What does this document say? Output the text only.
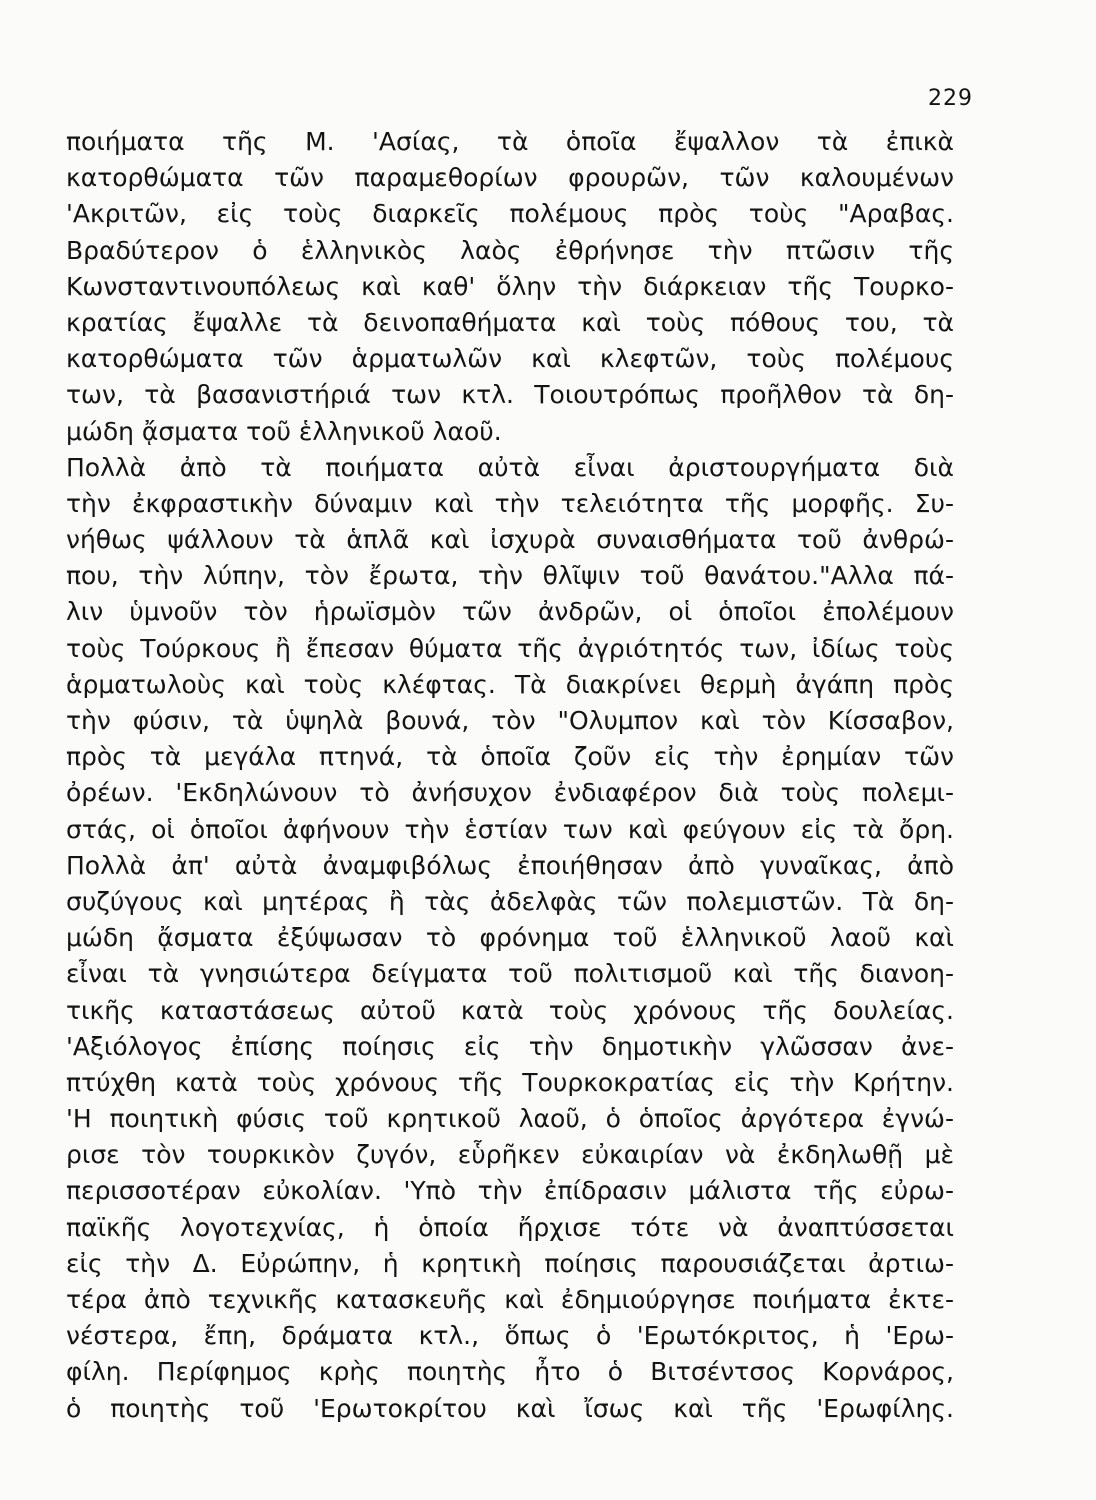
229
ποιήματα τῆς Μ. 'Ασίας, τὰ ὁποῖα ἔψαλλον τὰ ἐπικὰ
κατορθώματα τῶν παραμεθορίων φρουρῶν, τῶν καλουμένων
'Ακριτῶν, εἰς τοὺς διαρκεῖς πολέμους πρὸς τοὺς "Αραβας.
Βραδύτερον ὁ ἑλληνικὸς λαὸς ἐθρήνησε τὴν πτῶσιν τῆς
Κωνσταντινουπόλεως καὶ καθ' ὅλην τὴν διάρκειαν τῆς Τουρκο-
κρατίας ἔψαλλε τὰ δεινοπαθήματα καὶ τοὺς πόθους του, τὰ
κατορθώματα τῶν ἁρματωλῶν καὶ κλεφτῶν, τοὺς πολέμους
των, τὰ βασανιστήριά των κτλ. Τοιουτρόπως προῆλθον τὰ δη-
μώδη ᾄσματα τοῦ ἑλληνικοῦ λαοῦ.
Πολλὰ ἀπὸ τὰ ποιήματα αὐτὰ εἶναι ἀριστουργήματα διὰ
τὴν ἐκφραστικὴν δύναμιν καὶ τὴν τελειότητα τῆς μορφῆς. Συ-
νήθως ψάλλουν τὰ ἁπλᾶ καὶ ἰσχυρὰ συναισθήματα τοῦ ἀνθρώ-
που, τὴν λύπην, τὸν ἔρωτα, τὴν θλῖψιν τοῦ θανάτου."Αλλα πά-
λιν ὑμνοῦν τὸν ἡρωϊσμὸν τῶν ἀνδρῶν, οἱ ὁποῖοι ἐπολέμουν
τοὺς Τούρκους ἢ ἔπεσαν θύματα τῆς ἀγριότητός των, ἰδίως τοὺς
ἁρματωλοὺς καὶ τοὺς κλέφτας. Τὰ διακρίνει θερμὴ ἀγάπη πρὸς
τὴν φύσιν, τὰ ὑψηλὰ βουνά, τὸν "Ολυμπον καὶ τὸν Κίσσαβον,
πρὸς τὰ μεγάλα πτηνά, τὰ ὁποῖα ζοῦν εἰς τὴν ἐρημίαν τῶν
ὀρέων. 'Εκδηλώνουν τὸ ἀνήσυχον ἐνδιαφέρον διὰ τοὺς πολεμι-
στάς, οἱ ὁποῖοι ἀφήνουν τὴν ἑστίαν των καὶ φεύγουν εἰς τὰ ὄρη.
Πολλὰ ἀπ' αὐτὰ ἀναμφιβόλως ἐποιήθησαν ἀπὸ γυναῖκας, ἀπὸ
συζύγους καὶ μητέρας ἢ τὰς ἀδελφὰς τῶν πολεμιστῶν. Τὰ δη-
μώδη ᾄσματα ἐξύψωσαν τὸ φρόνημα τοῦ ἑλληνικοῦ λαοῦ καὶ
εἶναι τὰ γνησιώτερα δείγματα τοῦ πολιτισμοῦ καὶ τῆς διανοη-
τικῆς καταστάσεως αὐτοῦ κατὰ τοὺς χρόνους τῆς δουλείας.
'Αξιόλογος ἐπίσης ποίησις εἰς τὴν δημοτικὴν γλῶσσαν ἀνε-
πτύχθη κατὰ τοὺς χρόνους τῆς Τουρκοκρατίας εἰς τὴν Κρήτην.
'Η ποιητικὴ φύσις τοῦ κρητικοῦ λαοῦ, ὁ ὁποῖος ἀργότερα ἐγνώ-
ρισε τὸν τουρκικὸν ζυγόν, εὗρῆκεν εὐκαιρίαν νὰ ἐκδηλωθῇ μὲ
περισσοτέραν εὐκολίαν. 'Υπὸ τὴν ἐπίδρασιν μάλιστα τῆς εὐρω-
παϊκῆς λογοτεχνίας, ἡ ὁποία ἤρχισε τότε νὰ ἀναπτύσσεται
εἰς τὴν Δ. Εὐρώπην, ἡ κρητικὴ ποίησις παρουσιάζεται ἀρτιω-
τέρα ἀπὸ τεχνικῆς κατασκευῆς καὶ ἐδημιούργησε ποιήματα ἐκτε-
νέστερα, ἔπη, δράματα κτλ., ὅπως ὁ 'Ερωτόκριτος, ἡ 'Ερω-
φίλη. Περίφημος κρὴς ποιητὴς ἦτο ὁ Βιτσέντσος Κορνάρος,
ὁ ποιητὴς τοῦ 'Ερωτοκρίτου καὶ ἴσως καὶ τῆς 'Ερωφίλης.
